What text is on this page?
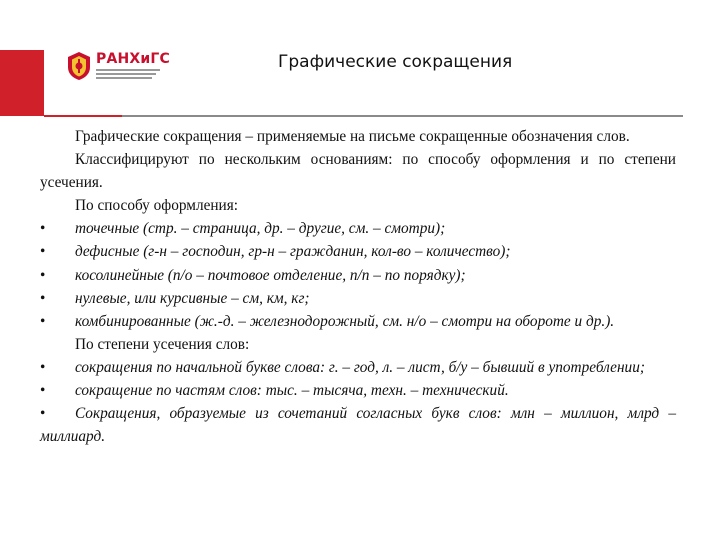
РАНХиГС	Графические сокращения

Графические сокращения – применяемые на письме сокращенные обозначения слов.

Классифицируют по нескольким основаниям: по способу оформления и по степени усечения.

По способу оформления:

• точечные (стр. – страница, др. – другие, см. – смотри);

• дефисные (г-н – господин, гр-н – гражданин, кол-во – количество);

• косолинейные (п/о – почтовое отделение, п/п – по порядку);

• нулевые, или курсивные – см, км, кг;

• комбинированные (ж.-д. – железнодорожный, см. н/о – смотри на обороте и др.).

По степени усечения слов:

• сокращения по начальной букве слова: г. – год, л. – лист, б/у – бывший в употреблении;

• сокращение по частям слов: тыс. – тысяча, техн. – технический.

• Сокращения, образуемые из сочетаний согласных букв слов: млн – миллион, млрд – миллиард.
